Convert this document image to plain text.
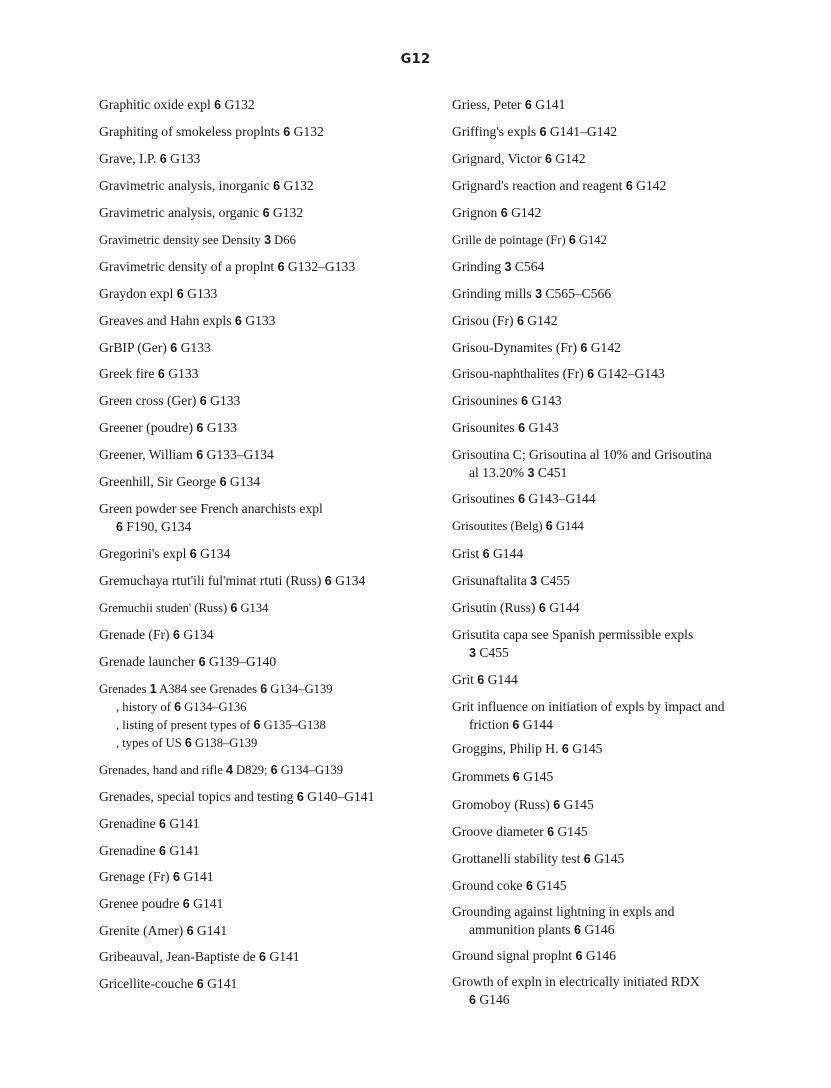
G12
Graphitic oxide expl 6 G132
Graphiting of smokeless proplnts 6 G132
Grave, I.P. 6 G133
Gravimetric analysis, inorganic 6 G132
Gravimetric analysis, organic 6 G132
Gravimetric density see Density 3 D66
Gravimetric density of a proplnt 6 G132–G133
Graydon expl 6 G133
Greaves and Hahn expls 6 G133
GrBIP (Ger) 6 G133
Greek fire 6 G133
Green cross (Ger) 6 G133
Greener (poudre) 6 G133
Greener, William 6 G133–G134
Greenhill, Sir George 6 G134
Green powder see French anarchists expl
6 F190, G134
Gregorini's expl 6 G134
Gremuchaya rtut'ili ful'minat rtuti (Russ) 6 G134
Gremuchii studen' (Russ) 6 G134
Grenade (Fr) 6 G134
Grenade launcher 6 G139–G140
Grenades 1 A384 see Grenades 6 G134–G139
, history of 6 G134–G136
, listing of present types of 6 G135–G138
, types of US 6 G138–G139
Grenades, hand and rifle 4 D829; 6 G134–G139
Grenades, special topics and testing 6 G140–G141
Grenadine 6 G141
Grenadine 6 G141
Grenage (Fr) 6 G141
Grenee poudre 6 G141
Grenite (Amer) 6 G141
Gribeauval, Jean-Baptiste de 6 G141
Gricellite-couche 6 G141
Griess, Peter 6 G141
Griffing's expls 6 G141–G142
Grignard, Victor 6 G142
Grignard's reaction and reagent 6 G142
Grignon 6 G142
Grille de pointage (Fr) 6 G142
Grinding 3 C564
Grinding mills 3 C565–C566
Grisou (Fr) 6 G142
Grisou-Dynamites (Fr) 6 G142
Grisou-naphthalites (Fr) 6 G142–G143
Grisounines 6 G143
Grisounites 6 G143
Grisoutina C; Grisoutina al 10% and Grisoutina
al 13.20% 3 C451
Grisoutines 6 G143–G144
Grisoutites (Belg) 6 G144
Grist 6 G144
Grisunaftalita 3 C455
Grisutin (Russ) 6 G144
Grisutita capa see Spanish permissible expls
3 C455
Grit 6 G144
Grit influence on initiation of expls by impact and
friction 6 G144
Groggins, Philip H. 6 G145
Grommets 6 G145
Gromoboy (Russ) 6 G145
Groove diameter 6 G145
Grottanelli stability test 6 G145
Ground coke 6 G145
Grounding against lightning in expls and
ammunition plants 6 G146
Ground signal proplnt 6 G146
Growth of expln in electrically initiated RDX
6 G146
